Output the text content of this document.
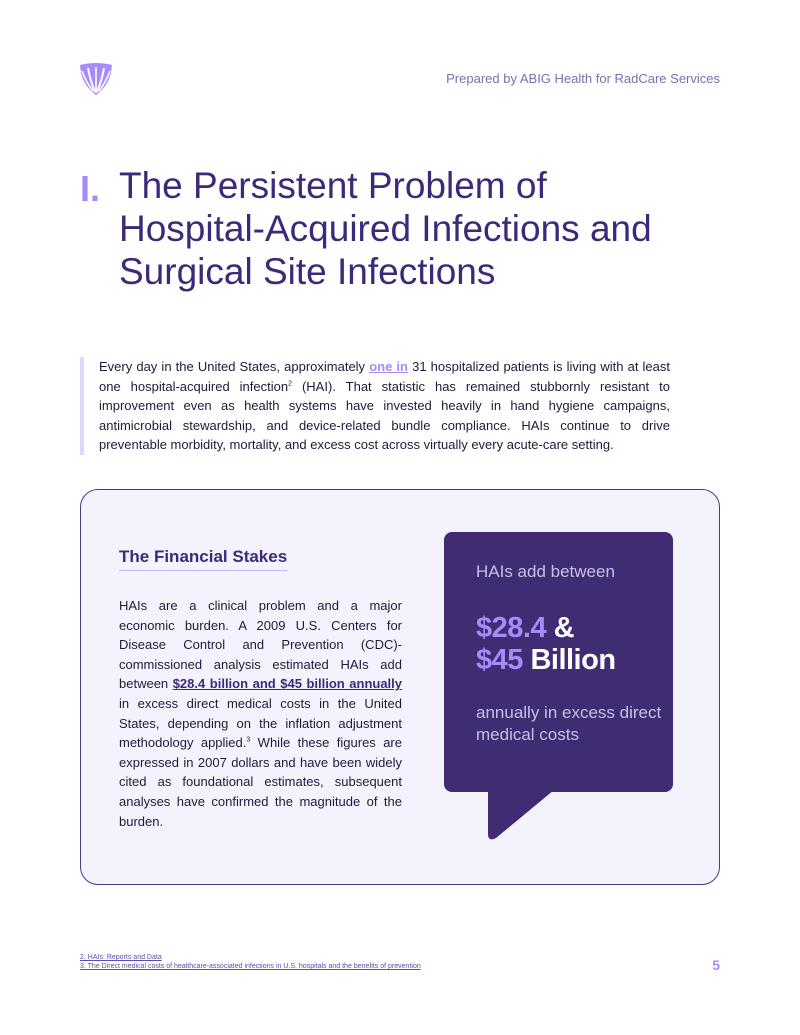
Prepared by ABIG Health for RadCare Services
I. The Persistent Problem of Hospital-Acquired Infections and Surgical Site Infections

Every day in the United States, approximately one in 31 hospitalized patients is living with at least one hospital-acquired infection$^2$ (HAI). That statistic has remained stubbornly resistant to improvement even as health systems have invested heavily in hand hygiene campaigns, antimicrobial stewardship, and device-related bundle compliance. HAIs continue to drive preventable morbidity, mortality, and excess cost across virtually every acute-care setting.

The Financial Stakes

HAIs are a clinical problem and a major economic burden. A 2009 U.S. Centers for Disease Control and Prevention (CDC)-commissioned analysis estimated HAIs add between $28.4 billion and $45 billion annually in excess direct medical costs in the United States, depending on the inflation adjustment methodology applied.$^3$ While these figures are expressed in 2007 dollars and have been widely cited as foundational estimates, subsequent analyses have confirmed the magnitude of the burden.

HAIs add between
$28.4 &
$45 Billion
annually in excess direct medical costs
2. HAIs: Reports and Data
3. The Direct medical costs of healthcare-associated infections in U.S. hospitals and the benefits of prevention	5
